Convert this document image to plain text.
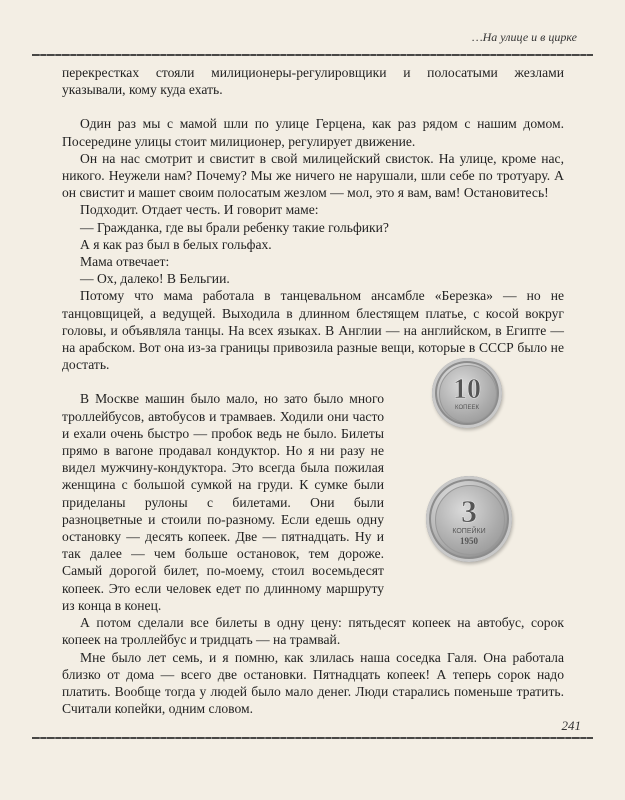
…На улице и в цирке

перекрестках стояли милиционеры-регулировщики и полосатыми жезлами указывали, кому куда ехать.

Один раз мы с мамой шли по улице Герцена, как раз рядом с нашим домом. Посередине улицы стоит милиционер, регулирует движение.

Он на нас смотрит и свистит в свой милицейский свисток. На улице, кроме нас, никого. Неужели нам? Почему? Мы же ничего не нарушали, шли себе по тротуару. А он свистит и машет своим полосатым жезлом — мол, это я вам, вам! Остановитесь!

Подходит. Отдает честь. И говорит маме:

— Гражданка, где вы брали ребенку такие гольфики?

А я как раз был в белых гольфах.

Мама отвечает:

— Ох, далеко! В Бельгии.

Потому что мама работала в танцевальном ансамбле «Березка» — но не танцовщицей, а ведущей. Выходила в длинном блестящем платье, с косой вокруг головы, и объявляла танцы. На всех языках. В Англии — на английском, в Египте — на арабском. Вот она из-за границы привозила разные вещи, которые в СССР было не достать.

В Москве машин было мало, но зато было много троллейбусов, автобусов и трамваев. Ходили они часто и ехали очень быстро — пробок ведь не было. Билеты прямо в вагоне продавал кондуктор. Но я ни разу не видел мужчину-кондуктора. Это всегда была пожилая женщина с большой сумкой на груди. К сумке были приделаны рулоны с билетами. Они были разноцветные и стоили по-разному. Если едешь одну остановку — десять копеек. Две — пятнадцать. Ну и так далее — чем больше остановок, тем дороже. Самый дорогой билет, по-моему, стоил восемьдесят копеек. Это если человек едет по длинному маршруту из конца в конец.

А потом сделали все билеты в одну цену: пятьдесят копеек на автобус, сорок копеек на троллейбус и тридцать — на трамвай.

Мне было лет семь, и я помню, как злилась наша соседка Галя. Она работала близко от дома — всего две остановки. Пятнадцать копеек! А теперь сорок надо платить. Вообще тогда у людей было мало денег. Люди старались поменьше тратить. Считали копейки, одним словом.

10
КОПЕЕК
3
КОПЕЙКИ
1950
241
